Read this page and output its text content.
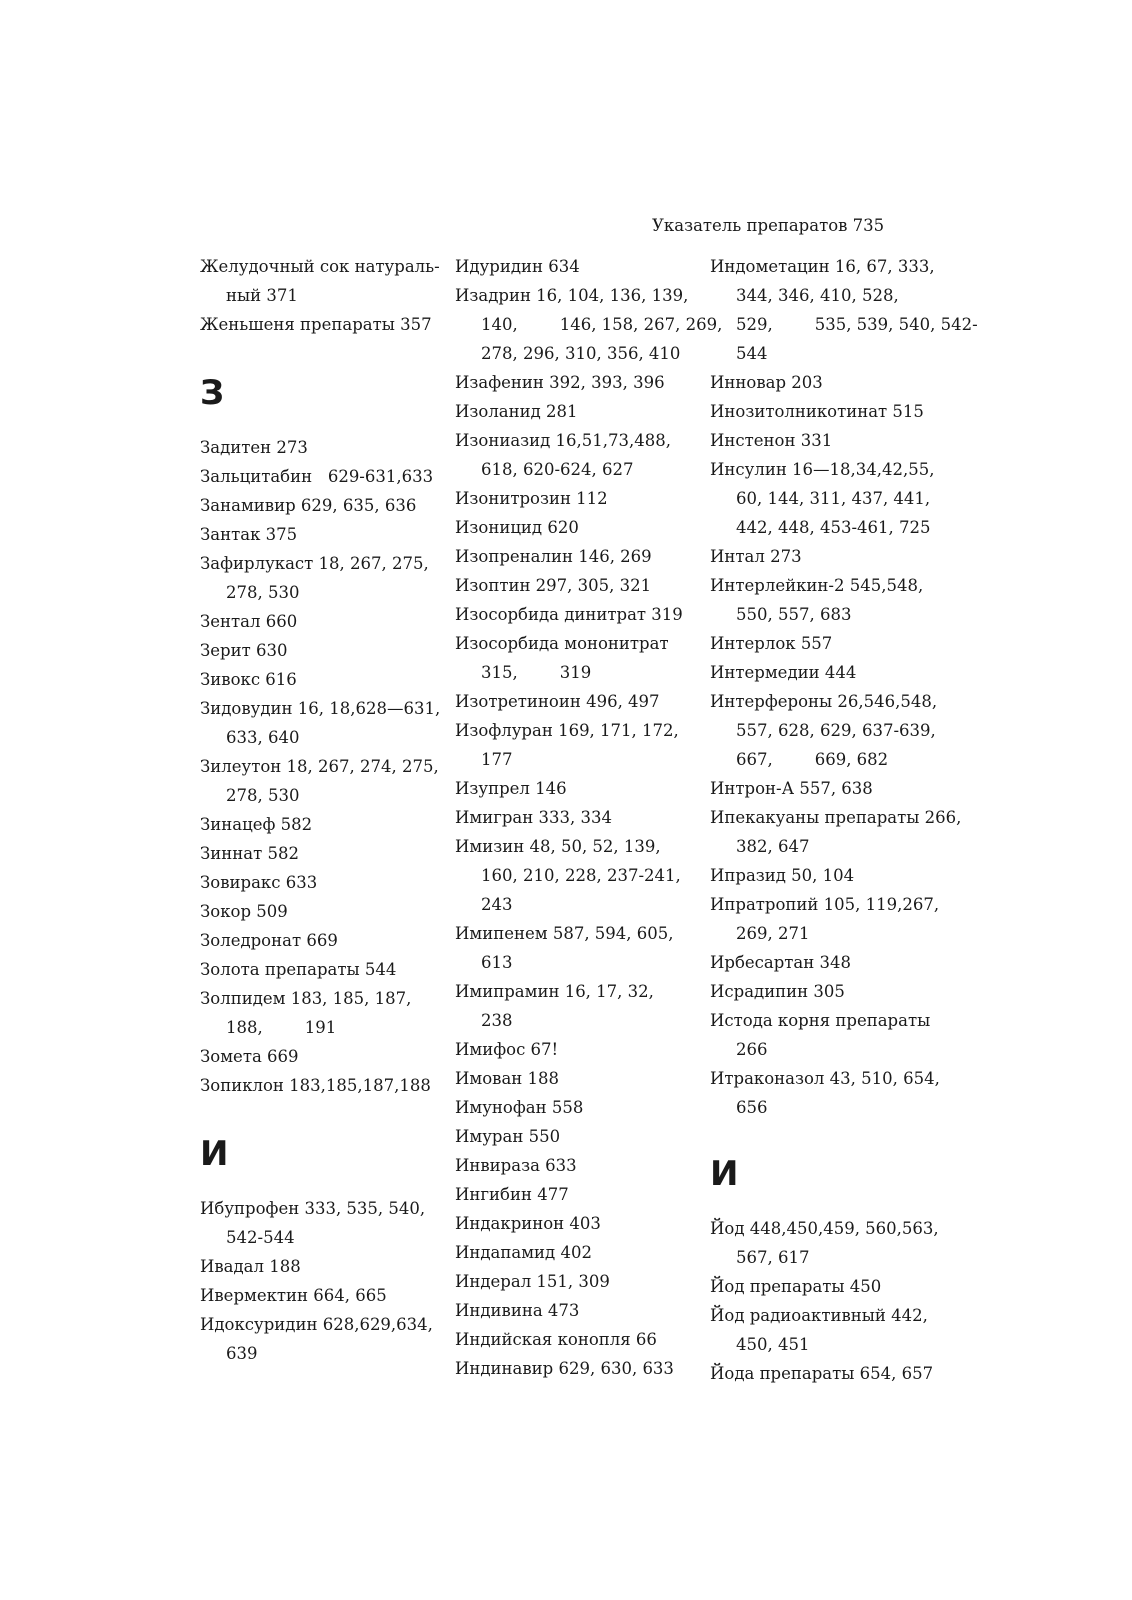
Указатель препаратов 735
Желудочный сок натураль-
ный 371
Женьшеня препараты 357
З
Задитен 273
Зальцитабин   629-631,633
Занамивир 629, 635, 636
Зантак 375
Зафирлукаст 18, 267, 275,
278, 530
Зентал 660
Зерит 630
Зивокс 616
Зидовудин 16, 18,628—631,
633, 640
Зилеутон 18, 267, 274, 275,
278, 530
Зинацеф 582
Зиннат 582
Зовиракс 633
Зокор 509
Золедронат 669
Золота препараты 544
Золпидем 183, 185, 187,
188,        191
Зомета 669
Зопиклон 183,185,187,188
И
Ибупрофен 333, 535, 540,
542-544
Ивадал 188
Ивермектин 664, 665
Идоксуридин 628,629,634,
639
Идуридин 634
Изадрин 16, 104, 136, 139,
140,        146, 158, 267, 269,
278, 296, 310, 356, 410
Изафенин 392, 393, 396
Изоланид 281
Изониазид 16,51,73,488,
618, 620-624, 627
Изонитрозин 112
Изоницид 620
Изопреналин 146, 269
Изоптин 297, 305, 321
Изосорбида динитрат 319
Изосорбида мононитрат
315,        319
Изотретиноин 496, 497
Изофлуран 169, 171, 172,
177
Изупрел 146
Имигран 333, 334
Имизин 48, 50, 52, 139,
160, 210, 228, 237-241,
243
Имипенем 587, 594, 605,
613
Имипрамин 16, 17, 32,
238
Имифос 67!
Имован 188
Имунофан 558
Имуран 550
Инвираза 633
Ингибин 477
Индакринон 403
Индапамид 402
Индерал 151, 309
Индивина 473
Индийская конопля 66
Индинавир 629, 630, 633
Индометацин 16, 67, 333,
344, 346, 410, 528,
529,        535, 539, 540, 542-
544
Инновар 203
Инозитолникотинат 515
Инстенон 331
Инсулин 16—18,34,42,55,
60, 144, 311, 437, 441,
442, 448, 453-461, 725
Интал 273
Интерлейкин-2 545,548,
550, 557, 683
Интерлок 557
Интермедии 444
Интерфероны 26,546,548,
557, 628, 629, 637-639,
667,        669, 682
Интрон-А 557, 638
Ипекакуаны препараты 266,
382, 647
Ипразид 50, 104
Ипратропий 105, 119,267,
269, 271
Ирбесартан 348
Исрадипин 305
Истода корня препараты
266
Итраконазол 43, 510, 654,
656
И
Йод 448,450,459, 560,563,
567, 617
Йод препараты 450
Йод радиоактивный 442,
450, 451
Йода препараты 654, 657
